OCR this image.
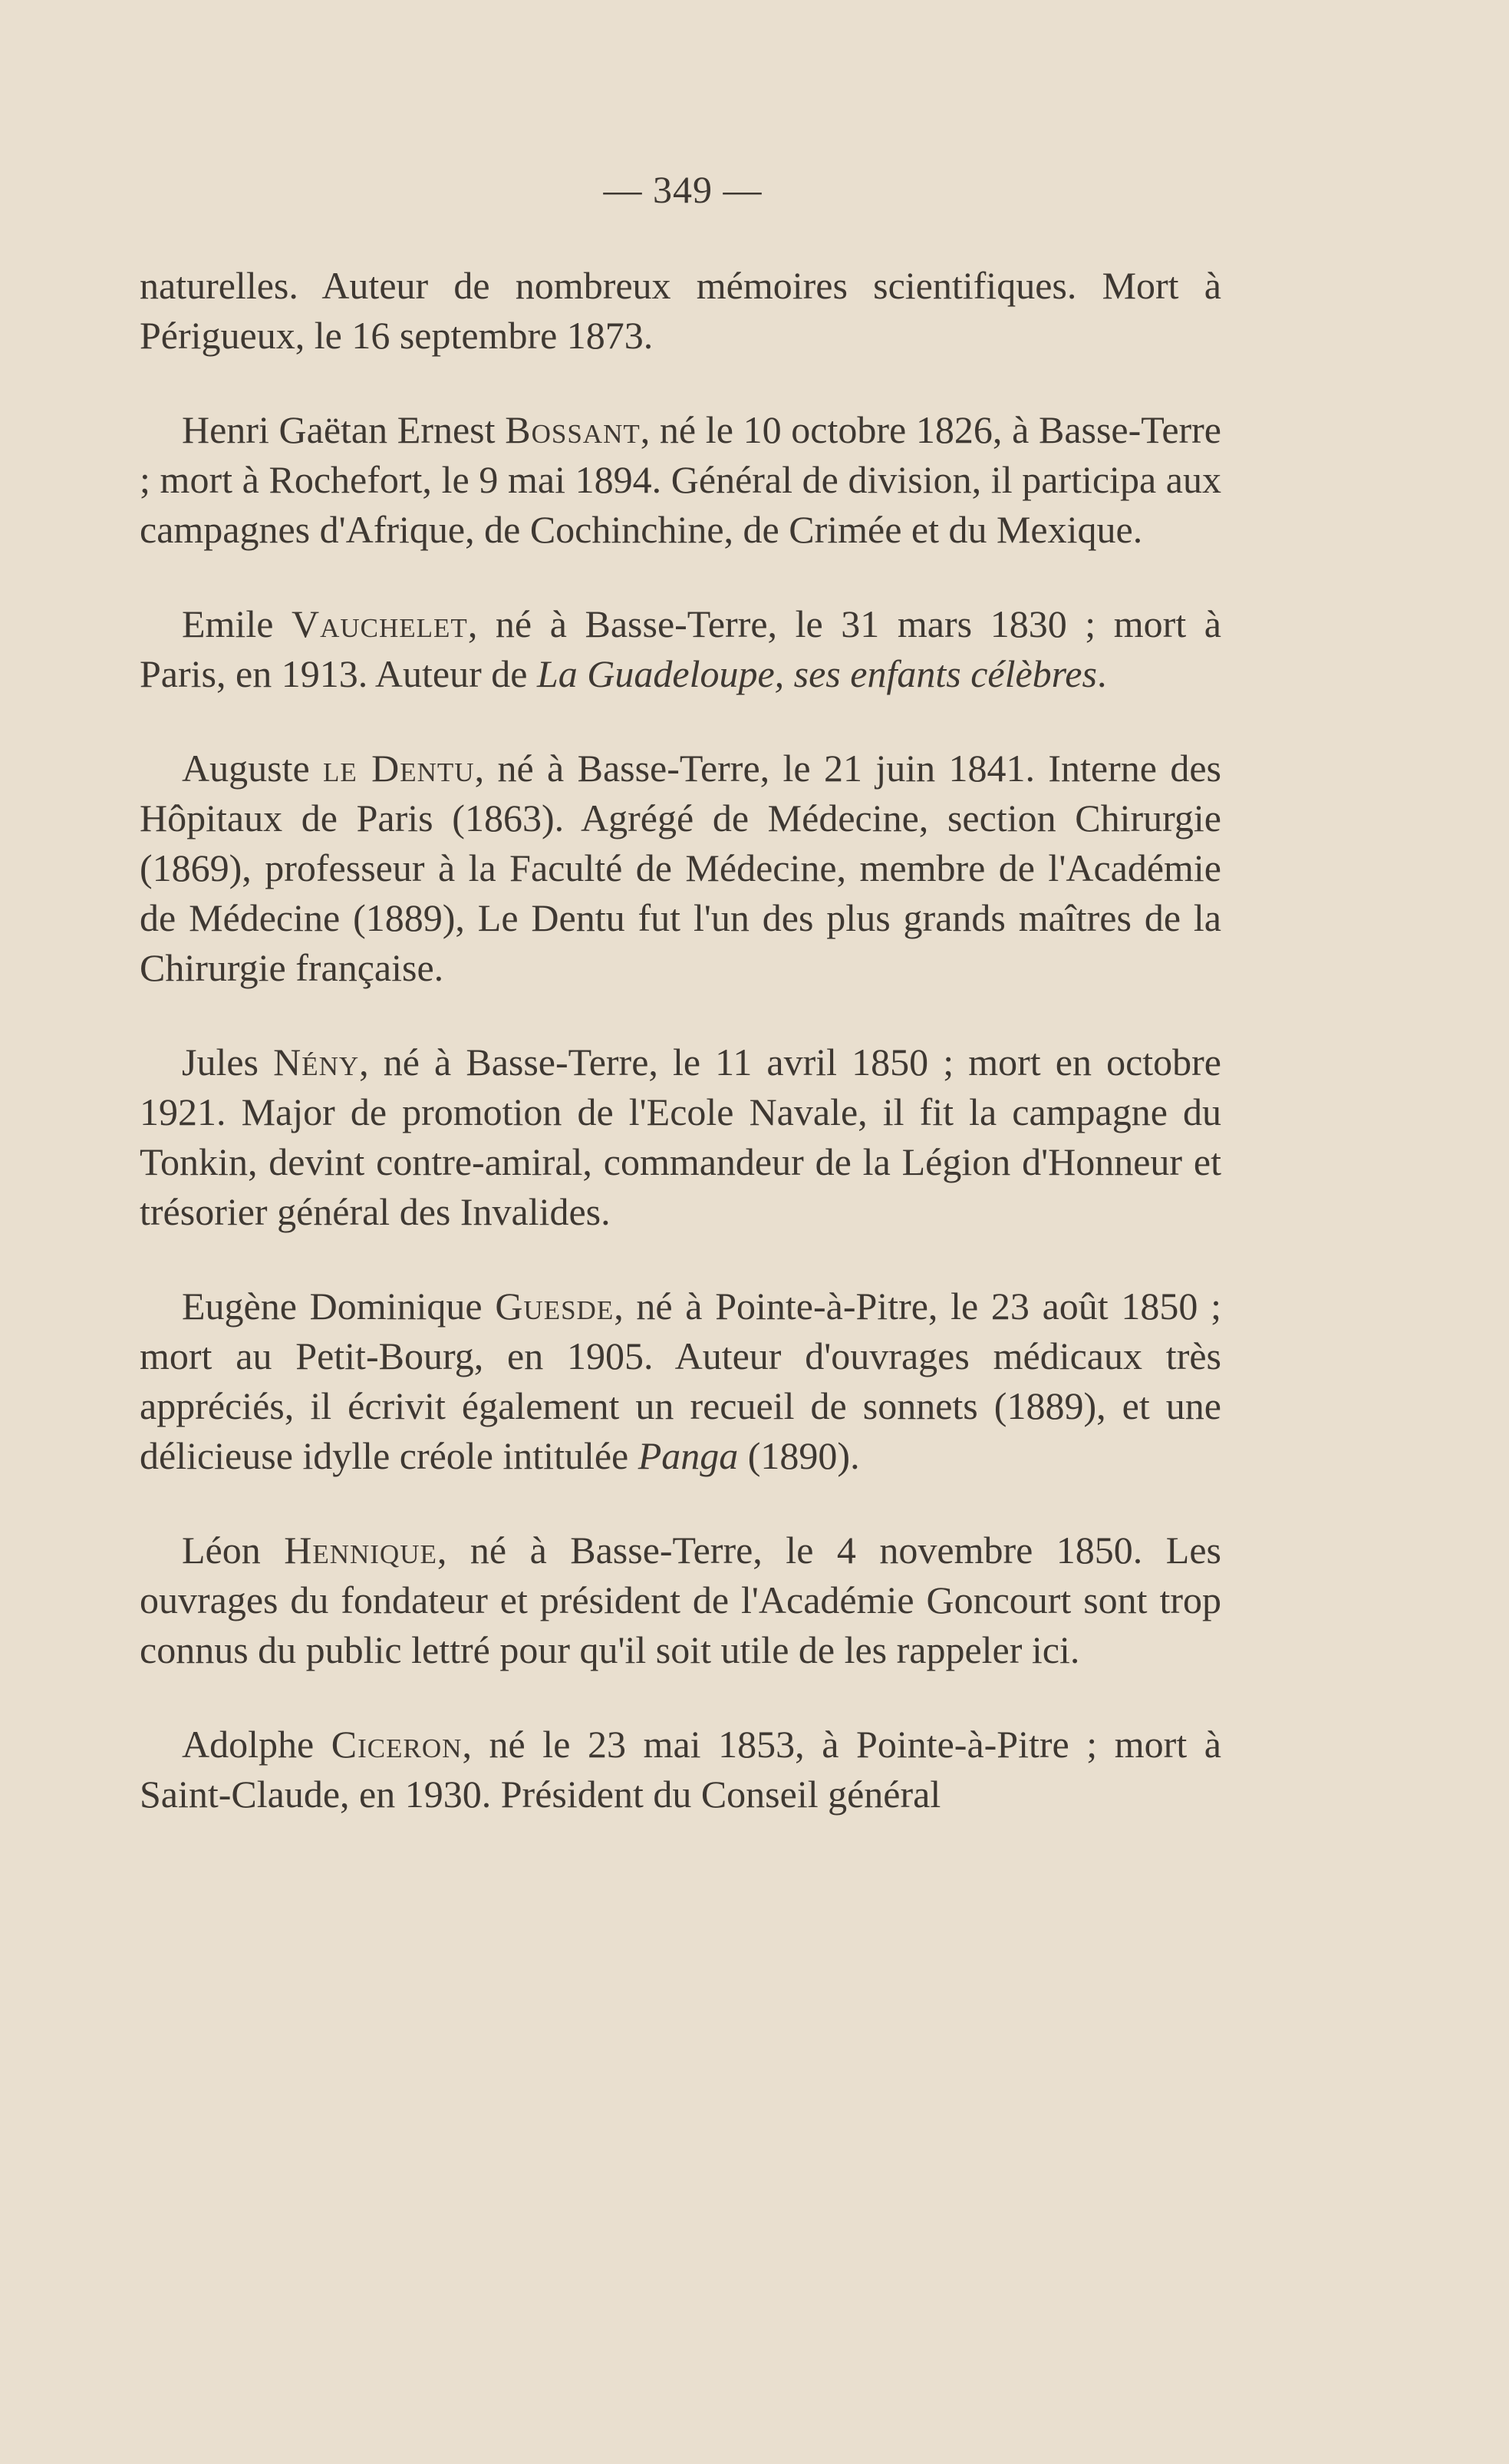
— 349 —

naturelles. Auteur de nombreux mémoires scientifiques. Mort à Périgueux, le 16 septembre 1873.

Henri Gaëtan Ernest Bossant, né le 10 octobre 1826, à Basse-Terre ; mort à Rochefort, le 9 mai 1894. Général de division, il participa aux campagnes d'Afrique, de Cochinchine, de Crimée et du Mexique.

Emile Vauchelet, né à Basse-Terre, le 31 mars 1830 ; mort à Paris, en 1913. Auteur de La Guadeloupe, ses enfants célèbres.

Auguste le Dentu, né à Basse-Terre, le 21 juin 1841. Interne des Hôpitaux de Paris (1863). Agrégé de Médecine, section Chirurgie (1869), professeur à la Faculté de Médecine, membre de l'Académie de Médecine (1889), Le Dentu fut l'un des plus grands maîtres de la Chirurgie française.

Jules Nény, né à Basse-Terre, le 11 avril 1850 ; mort en octobre 1921. Major de promotion de l'Ecole Navale, il fit la campagne du Tonkin, devint contre-amiral, commandeur de la Légion d'Honneur et trésorier général des Invalides.

Eugène Dominique Guesde, né à Pointe-à-Pitre, le 23 août 1850 ; mort au Petit-Bourg, en 1905. Auteur d'ouvrages médicaux très appréciés, il écrivit également un recueil de sonnets (1889), et une délicieuse idylle créole intitulée Panga (1890).

Léon Hennique, né à Basse-Terre, le 4 novembre 1850. Les ouvrages du fondateur et président de l'Académie Goncourt sont trop connus du public lettré pour qu'il soit utile de les rappeler ici.

Adolphe Ciceron, né le 23 mai 1853, à Pointe-à-Pitre ; mort à Saint-Claude, en 1930. Président du Conseil général
